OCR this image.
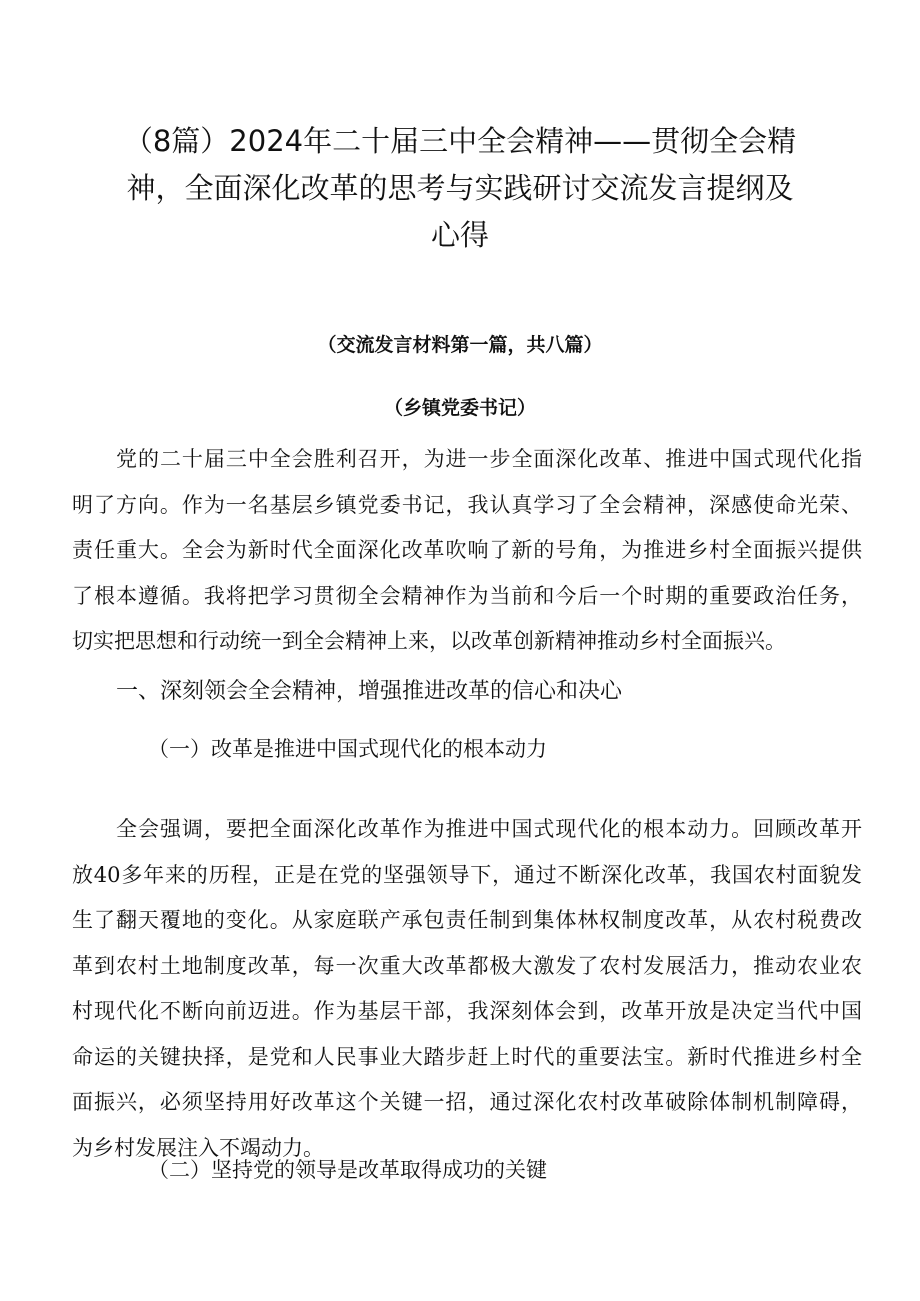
（8篇）2024年二十届三中全会精神——贯彻全会精
神，全面深化改革的思考与实践研讨交流发言提纲及
心得
（交流发言材料第一篇，共八篇）
（乡镇党委书记）
党的二十届三中全会胜利召开，为进一步全面深化改革、推进中国式现代化指
明了方向。作为一名基层乡镇党委书记，我认真学习了全会精神，深感使命光荣、
责任重大。全会为新时代全面深化改革吹响了新的号角，为推进乡村全面振兴提供
了根本遵循。我将把学习贯彻全会精神作为当前和今后一个时期的重要政治任务，
切实把思想和行动统一到全会精神上来，以改革创新精神推动乡村全面振兴。
一、深刻领会全会精神，增强推进改革的信心和决心
（一）改革是推进中国式现代化的根本动力
全会强调，要把全面深化改革作为推进中国式现代化的根本动力。回顾改革开
放40多年来的历程，正是在党的坚强领导下，通过不断深化改革，我国农村面貌发
生了翻天覆地的变化。从家庭联产承包责任制到集体林权制度改革，从农村税费改
革到农村土地制度改革，每一次重大改革都极大激发了农村发展活力，推动农业农
村现代化不断向前迈进。作为基层干部，我深刻体会到，改革开放是决定当代中国
命运的关键抉择，是党和人民事业大踏步赶上时代的重要法宝。新时代推进乡村全
面振兴，必须坚持用好改革这个关键一招，通过深化农村改革破除体制机制障碍，
为乡村发展注入不竭动力。
（二）坚持党的领导是改革取得成功的关键
